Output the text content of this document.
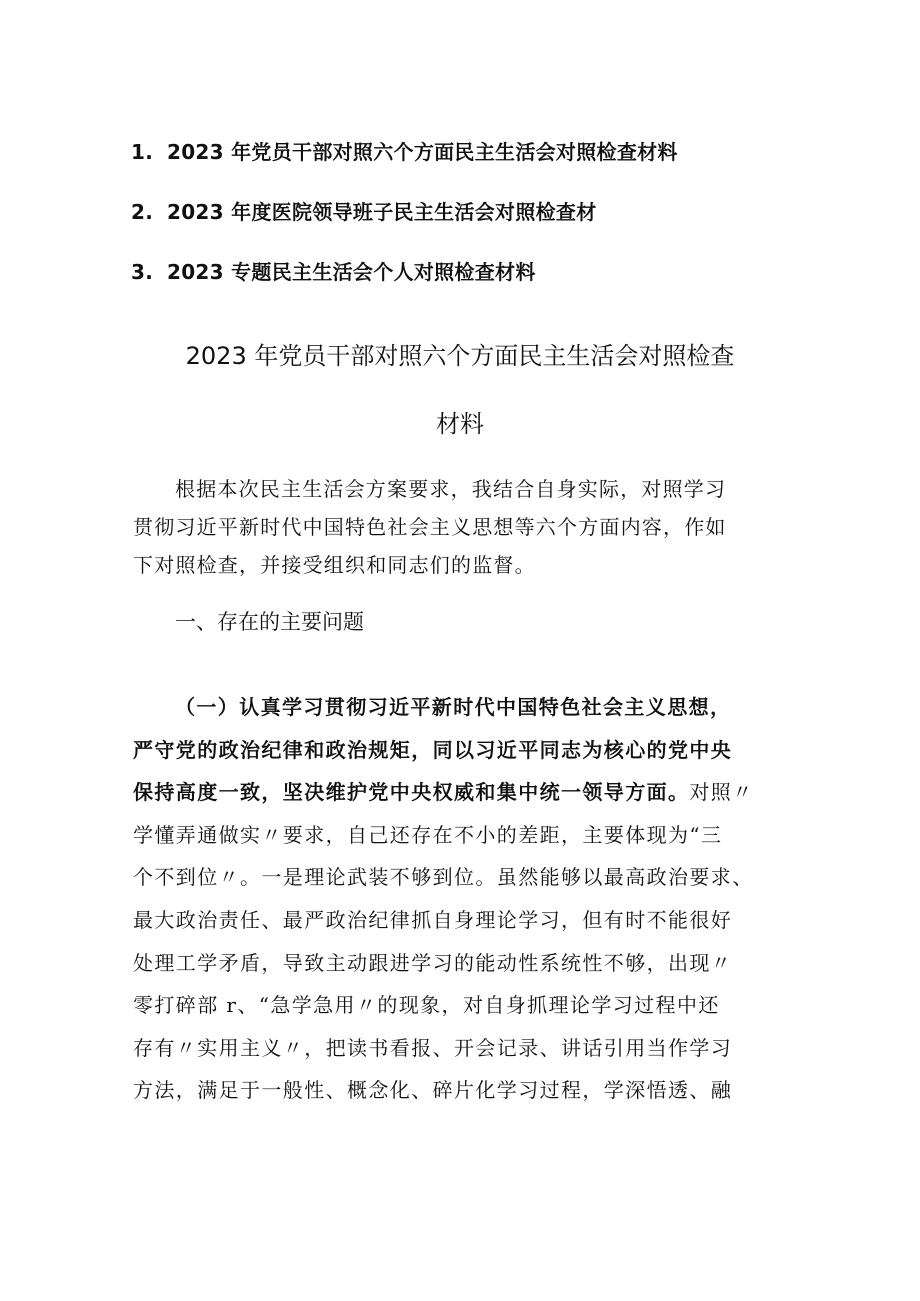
1. 2023 年党员干部对照六个方面民主生活会对照检查材料
2. 2023 年度医院领导班子民主生活会对照检查材
3. 2023 专题民主生活会个人对照检查材料
2023 年党员干部对照六个方面民主生活会对照检查
材料
根据本次民主生活会方案要求，我结合自身实际，对照学习
贯彻习近平新时代中国特色社会主义思想等六个方面内容，作如
下对照检查，并接受组织和同志们的监督。
一、存在的主要问题
（一）认真学习贯彻习近平新时代中国特色社会主义思想，
严守党的政治纪律和政治规矩，同以习近平同志为核心的党中央
保持高度一致，坚决维护党中央权威和集中统一领导方面。对照〃
学懂弄通做实〃要求，自己还存在不小的差距，主要体现为“三
个不到位〃。一是理论武装不够到位。虽然能够以最高政治要求、
最大政治责任、最严政治纪律抓自身理论学习，但有时不能很好
处理工学矛盾，导致主动跟进学习的能动性系统性不够，出现〃
零打碎部 r、“急学急用〃的现象，对自身抓理论学习过程中还
存有〃实用主义〃，把读书看报、开会记录、讲话引用当作学习
方法，满足于一般性、概念化、碎片化学习过程，学深悟透、融
